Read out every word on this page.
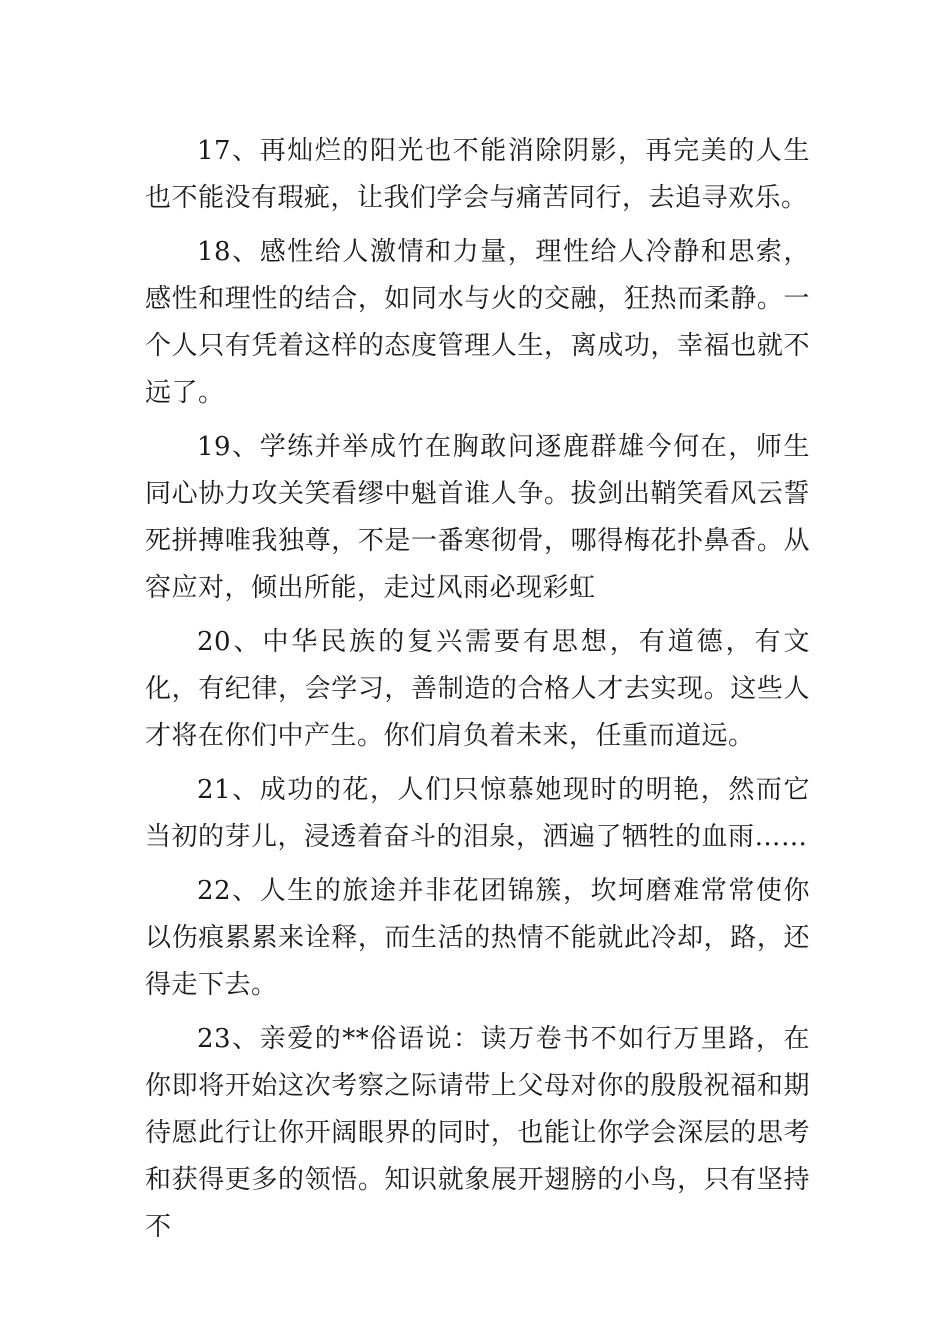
17、再灿烂的阳光也不能消除阴影，再完美的人生也不能没有瑕疵，让我们学会与痛苦同行，去追寻欢乐。

18、感性给人激情和力量，理性给人冷静和思索，感性和理性的结合，如同水与火的交融，狂热而柔静。一个人只有凭着这样的态度管理人生，离成功，幸福也就不远了。

19、学练并举成竹在胸敢问逐鹿群雄今何在，师生同心协力攻关笑看缪中魁首谁人争。拔剑出鞘笑看风云誓死拼搏唯我独尊，不是一番寒彻骨，哪得梅花扑鼻香。从容应对，倾出所能，走过风雨必现彩虹

20、中华民族的复兴需要有思想，有道德，有文化，有纪律，会学习，善制造的合格人才去实现。这些人才将在你们中产生。你们肩负着未来，任重而道远。

21、成功的花，人们只惊慕她现时的明艳，然而它当初的芽儿，浸透着奋斗的泪泉，洒遍了牺牲的血雨……

22、人生的旅途并非花团锦簇，坎坷磨难常常使你以伤痕累累来诠释，而生活的热情不能就此冷却，路，还得走下去。

23、亲爱的**俗语说：读万卷书不如行万里路，在你即将开始这次考察之际请带上父母对你的殷殷祝福和期待愿此行让你开阔眼界的同时，也能让你学会深层的思考和获得更多的领悟。知识就象展开翅膀的小鸟，只有坚持不
